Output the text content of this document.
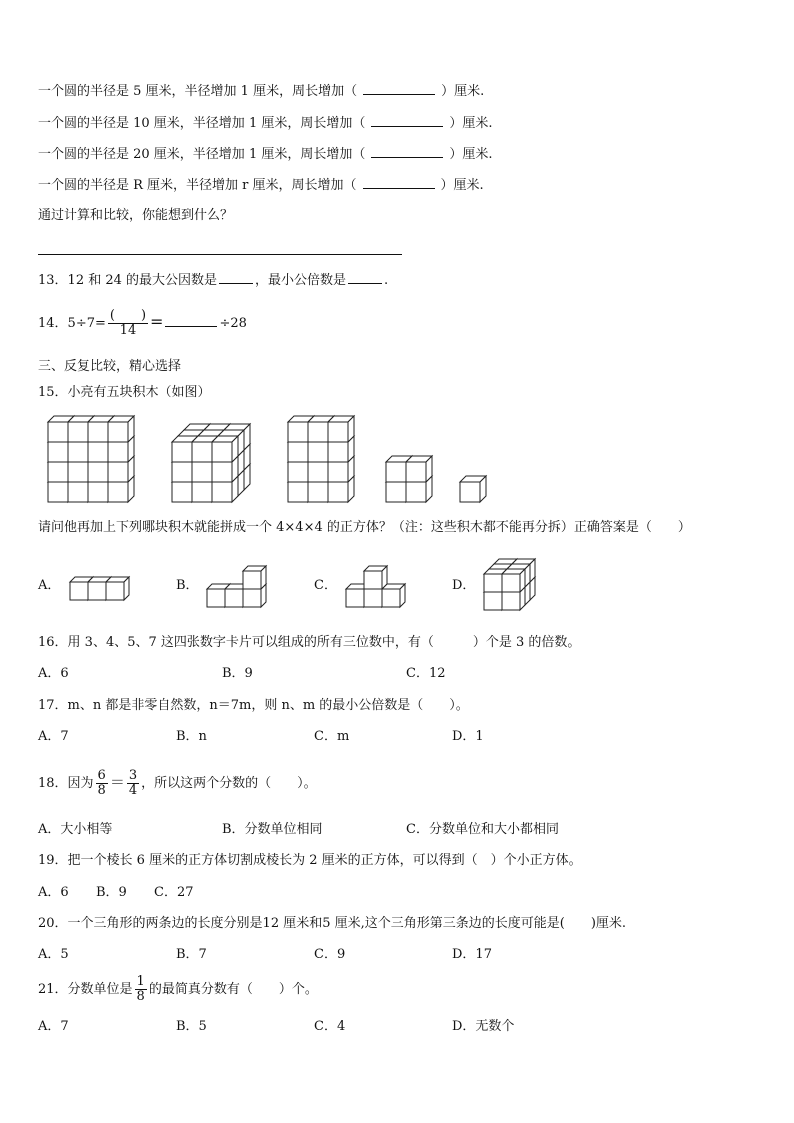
一个圆的半径是 5 厘米，半径增加 1 厘米，周长增加（	）厘米.
一个圆的半径是 10 厘米，半径增加 1 厘米，周长增加（	）厘米.
一个圆的半径是 20 厘米，半径增加 1 厘米，周长增加（	）厘米.
一个圆的半径是 R 厘米，半径增加 r 厘米，周长增加（	）厘米.
通过计算和比较，你能想到什么？
13．12 和 24 的最大公因数是	，最小公倍数是	.
14．$5\div 7= \frac{( )}{14}$ =	÷28
三、反复比较，精心选择
15．小亮有五块积木（如图）
请问他再加上下列哪块积木就能拼成一个 4×4×4 的正方体？（注：这些积木都不能再分拆）正确答案是（　　）
A．	B．	C．	D．
16．用 3、4、5、7 这四张数字卡片可以组成的所有三位数中，有（　　　）个是 3 的倍数。
A．6	B．9	C．12
17．m、n 都是非零自然数，n＝7m，则 n、m 的最小公倍数是（　　）。
A．7	B．n	C．m	D．1
18．因为 $\frac{6}{8} = \frac{3}{4}$ ，所以这两个分数的（　　）。
A．大小相等	B．分数单位相同	C．分数单位和大小都相同
19．把一个棱长 6 厘米的正方体切割成棱长为 2 厘米的正方体，可以得到（　）个小正方体。
A．6 B．9 C．27
20．一个三角形的两条边的长度分别是12 厘米和5 厘米,这个三角形第三条边的长度可能是(　　)厘米.
A．5	B．7	C．9	D．17
21．分数单位是 $\frac{1}{8}$ 的最简真分数有（　　）个。
A．7	B．5	C．4	D．无数个
